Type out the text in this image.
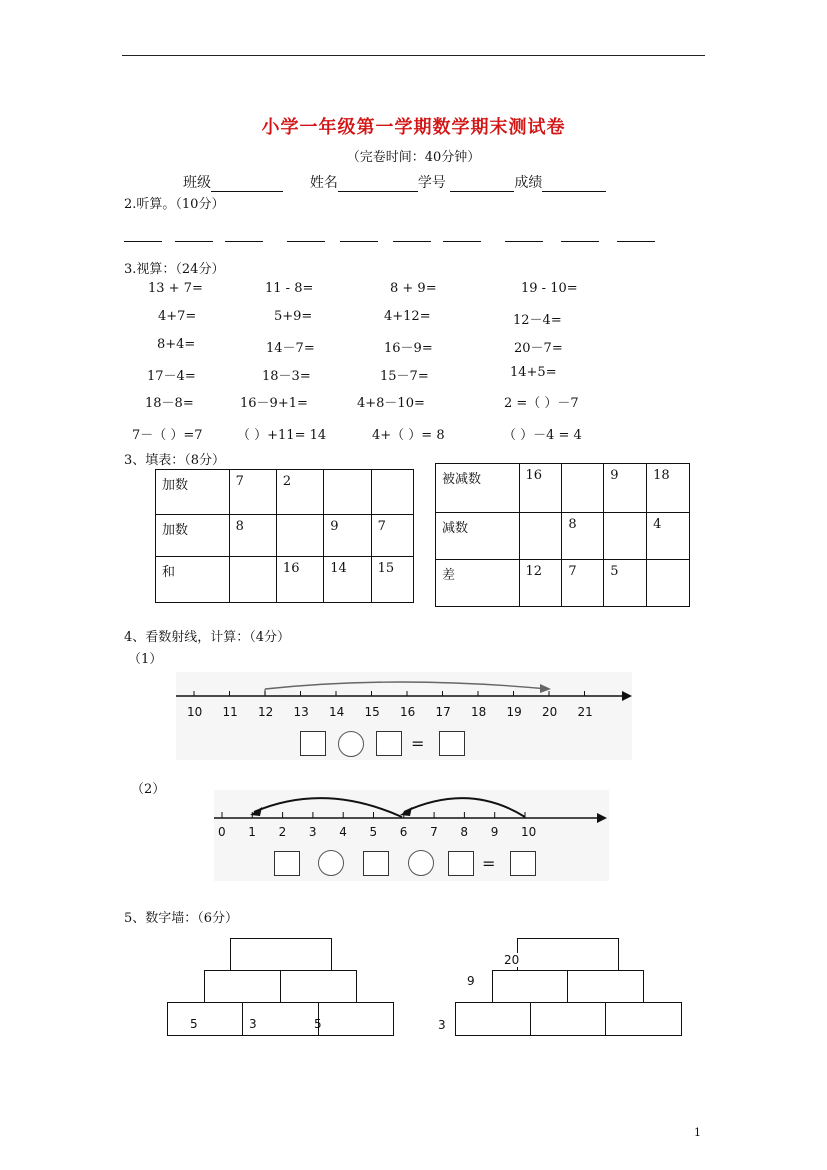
小学一年级第一学期数学期末测试卷
（完卷时间：40分钟）
班级	姓名	学号	成绩
2.听算。（10分）
3.视算：（24分）
13 + 7=	11 - 8=	8 + 9=	19 - 10=
4+7=	5+9=	4+12=	12－4=
8+4=	14－7=	16－9=	20－7=
17－4=	18－3=	15－7=	14+5=
18－8=	16－9+1=	4+8－10=	2 =（ ）－7
7－（ ）=7	（ ）+11= 14	4+（ ）= 8	（ ）－4 = 4
3、填表：（8分）
加数	7	2		
加数	8		9	7
和		16	14	15
被减数	16		9	18
减数		8		4
差	12	7	5	
4、看数射线，计算：（4分）
（1）
10 11 12 13 14 15 16 17 18 19 20 21
=
（2）
0 1 2 3 4 5 6 7 8 9 10
=
5、数字墙：（6分）
5	3	5
20
9
3
1
